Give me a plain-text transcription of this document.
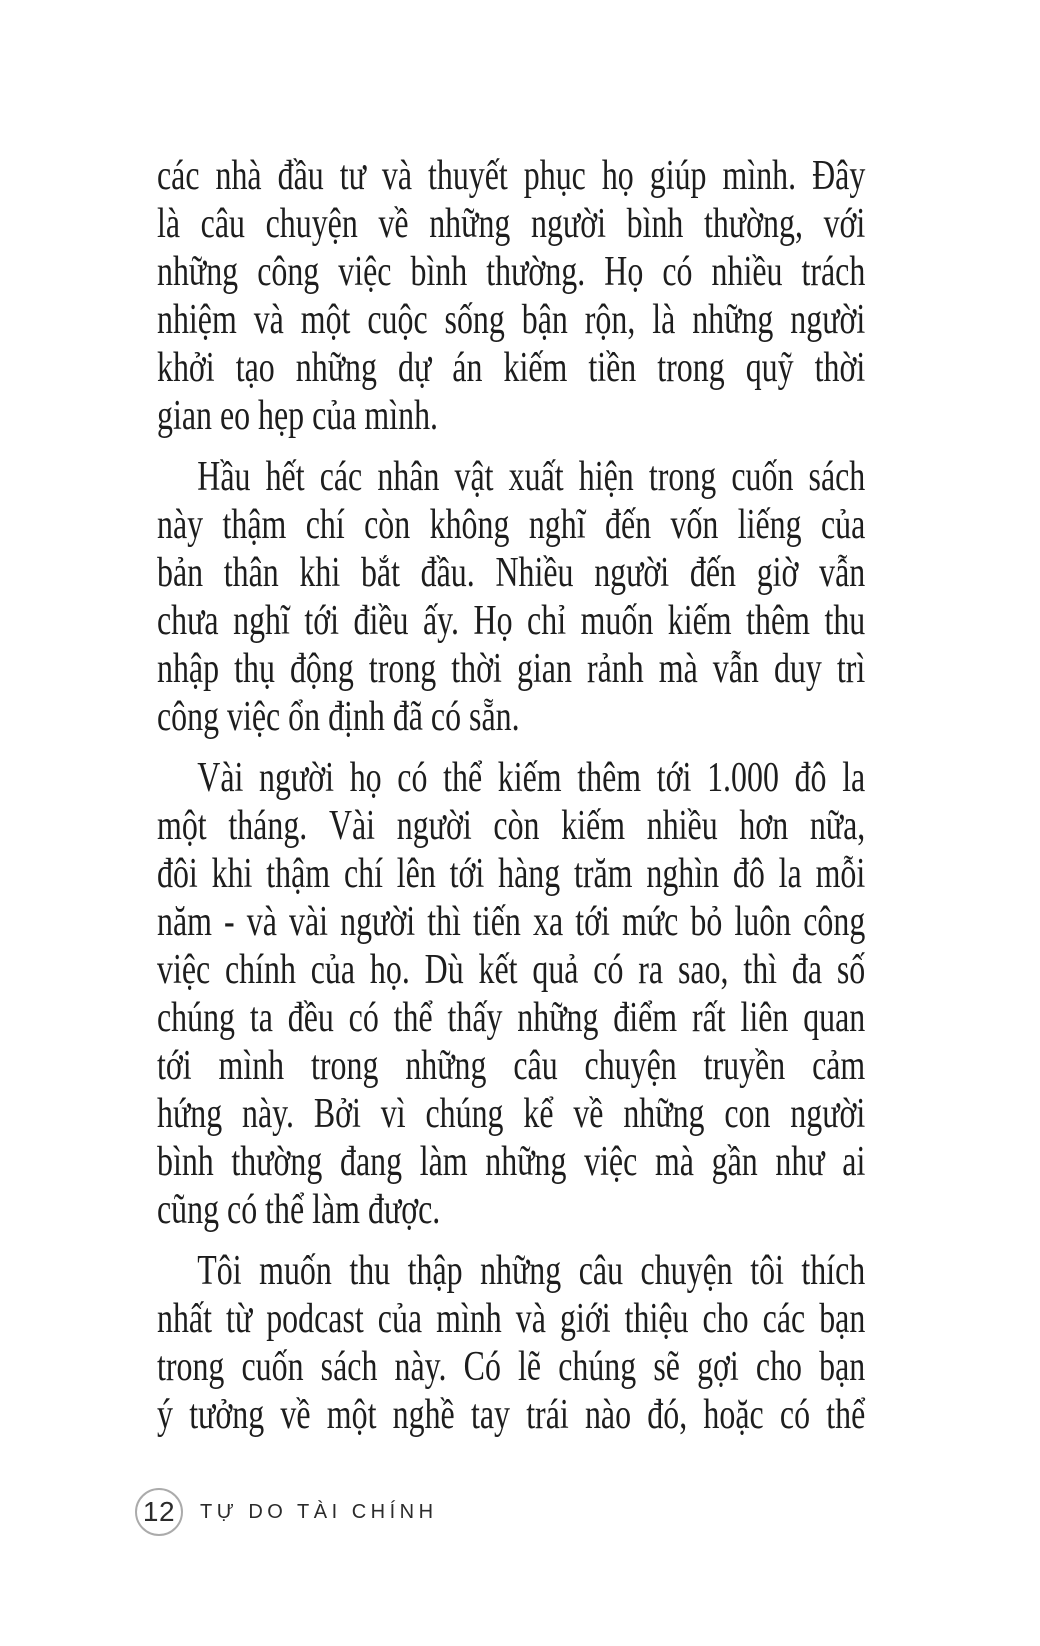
các nhà đầu tư và thuyết phục họ giúp mình. Đây
là câu chuyện về những người bình thường, với
những công việc bình thường. Họ có nhiều trách
nhiệm và một cuộc sống bận rộn, là những người
khởi tạo những dự án kiếm tiền trong quỹ thời
gian eo hẹp của mình.
Hầu hết các nhân vật xuất hiện trong cuốn sách
này thậm chí còn không nghĩ đến vốn liếng của
bản thân khi bắt đầu. Nhiều người đến giờ vẫn
chưa nghĩ tới điều ấy. Họ chỉ muốn kiếm thêm thu
nhập thụ động trong thời gian rảnh mà vẫn duy trì
công việc ổn định đã có sẵn.
Vài người họ có thể kiếm thêm tới 1.000 đô la
một tháng. Vài người còn kiếm nhiều hơn nữa,
đôi khi thậm chí lên tới hàng trăm nghìn đô la mỗi
năm - và vài người thì tiến xa tới mức bỏ luôn công
việc chính của họ. Dù kết quả có ra sao, thì đa số
chúng ta đều có thể thấy những điểm rất liên quan
tới mình trong những câu chuyện truyền cảm
hứng này. Bởi vì chúng kể về những con người
bình thường đang làm những việc mà gần như ai
cũng có thể làm được.
Tôi muốn thu thập những câu chuyện tôi thích
nhất từ podcast của mình và giới thiệu cho các bạn
trong cuốn sách này. Có lẽ chúng sẽ gợi cho bạn
ý tưởng về một nghề tay trái nào đó, hoặc có thể
12 TỰ DO TÀI CHÍNH
